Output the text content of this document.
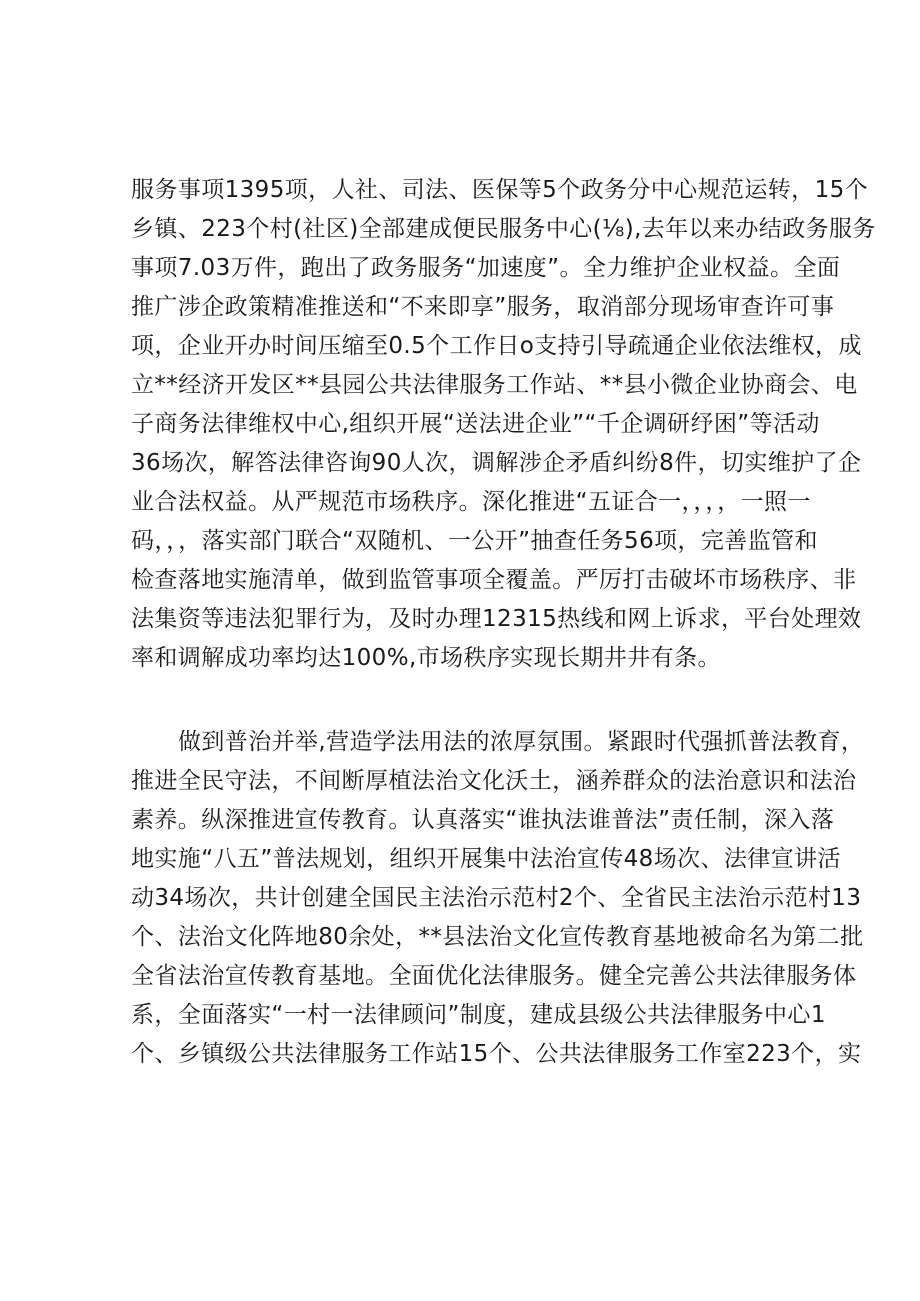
服务事项1395项，人社、司法、医保等5个政务分中心规范运转，15个
乡镇、223个村(社区)全部建成便民服务中心(⅛),去年以来办结政务服务
事项7.03万件，跑出了政务服务“加速度”。全力维护企业权益。全面
推广涉企政策精准推送和“不来即享”服务，取消部分现场审查许可事
项，企业开办时间压缩至0.5个工作日o支持引导疏通企业依法维权，成
立**经济开发区**县园公共法律服务工作站、**县小微企业协商会、电
子商务法律维权中心,组织开展“送法进企业”“千企调研纾困”等活动
36场次，解答法律咨询90人次，调解涉企矛盾纠纷8件，切实维护了企
业合法权益。从严规范市场秩序。深化推进“五证合一，，，，一照一
码，，，落实部门联合“双随机、一公开”抽查任务56项，完善监管和
检查落地实施清单，做到监管事项全覆盖。严厉打击破坏市场秩序、非
法集资等违法犯罪行为，及时办理12315热线和网上诉求，平台处理效
率和调解成功率均达100%,市场秩序实现长期井井有条。
做到普治并举,营造学法用法的浓厚氛围。紧跟时代强抓普法教育，
推进全民守法，不间断厚植法治文化沃土，涵养群众的法治意识和法治
素养。纵深推进宣传教育。认真落实“谁执法谁普法”责任制，深入落
地实施“八五”普法规划，组织开展集中法治宣传48场次、法律宣讲活
动34场次，共计创建全国民主法治示范村2个、全省民主法治示范村13
个、法治文化阵地80余处，**县法治文化宣传教育基地被命名为第二批
全省法治宣传教育基地。全面优化法律服务。健全完善公共法律服务体
系，全面落实“一村一法律顾问”制度，建成县级公共法律服务中心1
个、乡镇级公共法律服务工作站15个、公共法律服务工作室223个，实
